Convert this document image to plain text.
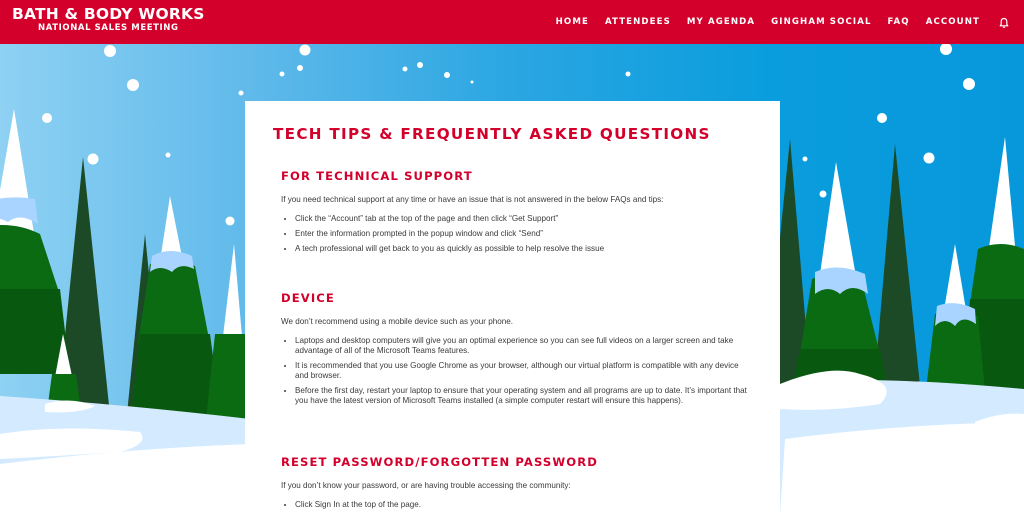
BATH & BODY WORKS
NATIONAL SALES MEETING
HOME ATTENDEES MY AGENDA GINGHAM SOCIAL FAQ ACCOUNT
TECH TIPS & FREQUENTLY ASKED QUESTIONS
FOR TECHNICAL SUPPORT

If you need technical support at any time or have an issue that is not answered in the below FAQs and tips:

• Click the “Account” tab at the top of the page and then click “Get Support”
• Enter the information prompted in the popup window and click “Send”
• A tech professional will get back to you as quickly as possible to help resolve the issue
DEVICE

We don’t recommend using a mobile device such as your phone.

• Laptops and desktop computers will give you an optimal experience so you can see full videos on a larger screen and take advantage of all of the Microsoft Teams features.
• It is recommended that you use Google Chrome as your browser, although our virtual platform is compatible with any device and browser.
• Before the first day, restart your laptop to ensure that your operating system and all programs are up to date. It’s important that you have the latest version of Microsoft Teams installed (a simple computer restart will ensure this happens).
RESET PASSWORD/FORGOTTEN PASSWORD

If you don’t know your password, or are having trouble accessing the community:

• Click Sign In at the top of the page.
